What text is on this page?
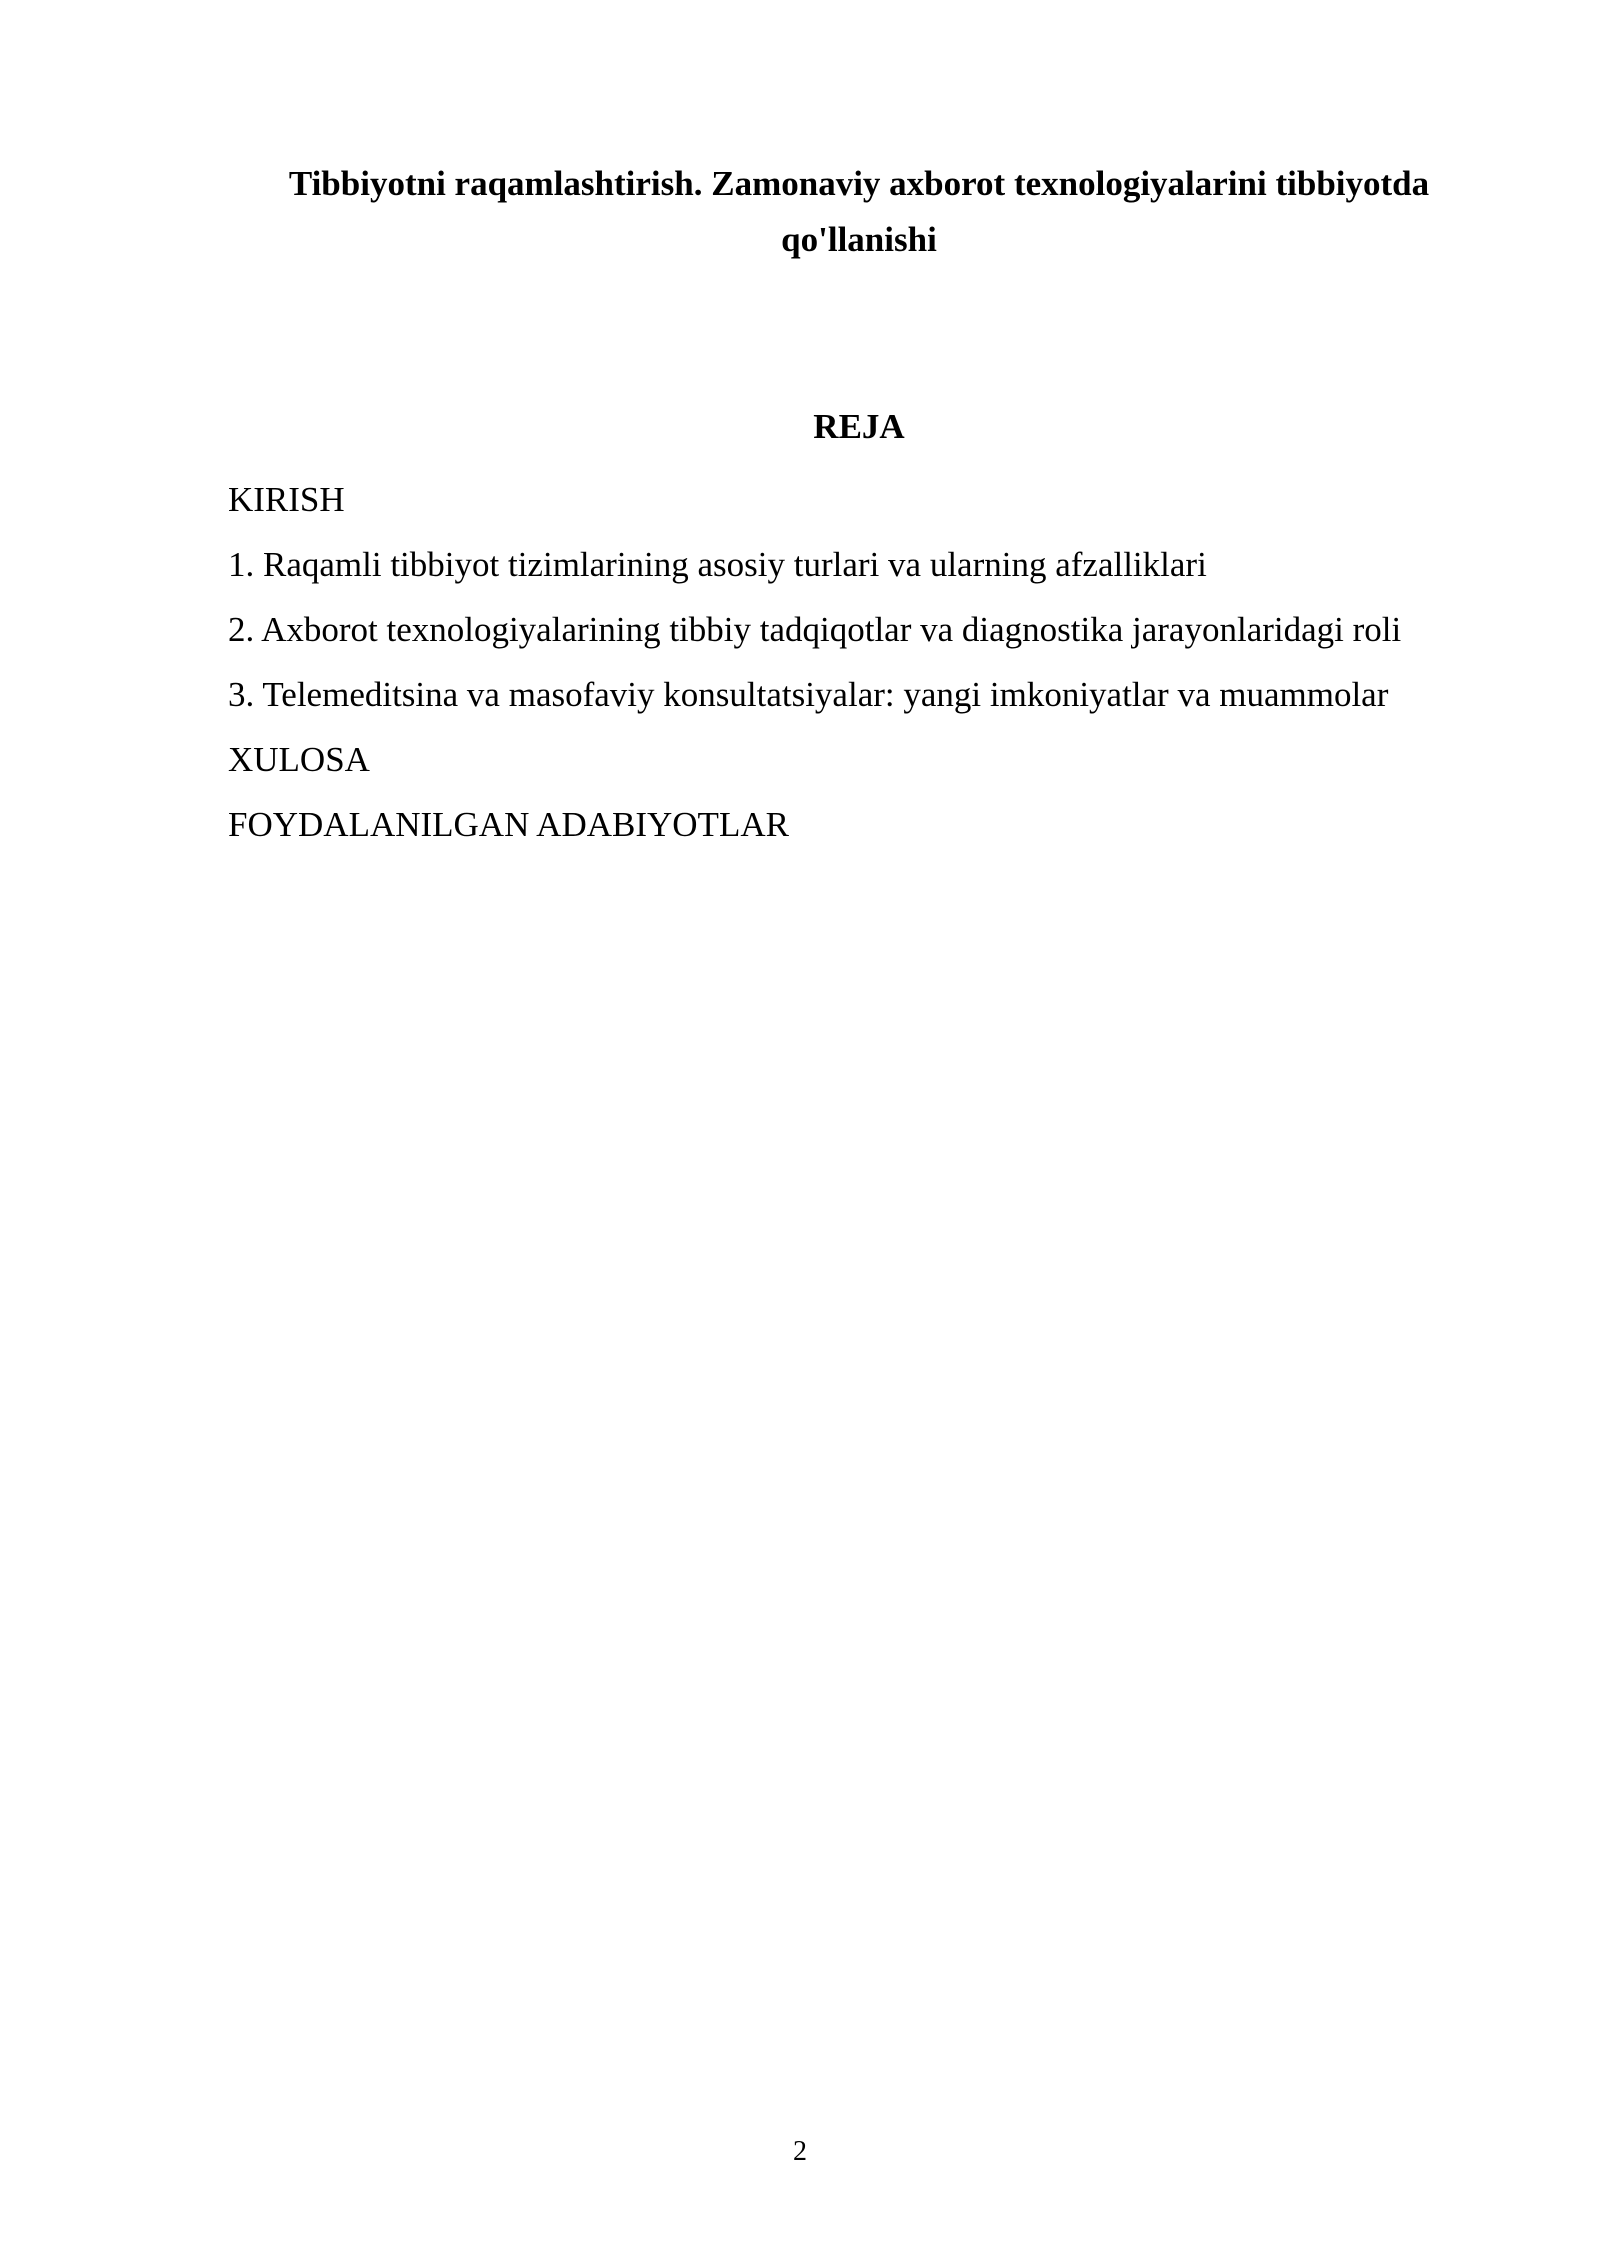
Tibbiyotni raqamlashtirish. Zamonaviy axborot texnologiyalarini tibbiyotda qo'llanishi
REJA
KIRISH
1. Raqamli tibbiyot tizimlarining asosiy turlari va ularning afzalliklari
2. Axborot texnologiyalarining tibbiy tadqiqotlar va diagnostika jarayonlaridagi roli
3. Telemeditsina va masofaviy konsultatsiyalar: yangi imkoniyatlar va muammolar
XULOSA
FOYDALANILGAN ADABIYOTLAR
2
